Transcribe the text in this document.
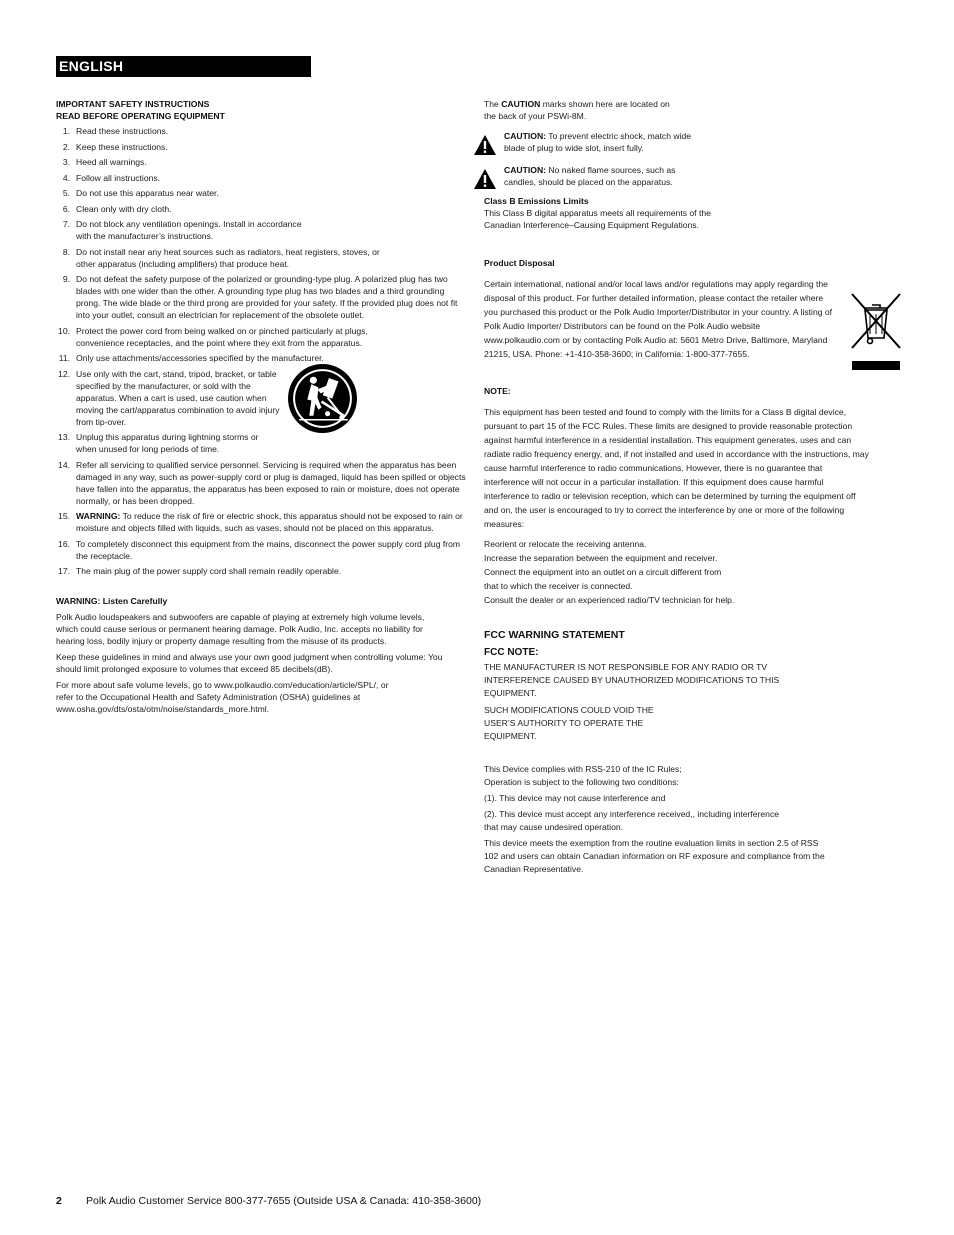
ENGLISH
IMPORTANT SAFETY INSTRUCTIONS
READ BEFORE OPERATING EQUIPMENT
1. Read these instructions.
2. Keep these instructions.
3. Heed all warnings.
4. Follow all instructions.
5. Do not use this apparatus near water.
6. Clean only with dry cloth.
7. Do not block any ventilation openings. Install in accordance with the manufacturer’s instructions.
8. Do not install near any heat sources such as radiators, heat registers, stoves, or other apparatus (including amplifiers) that produce heat.
9. Do not defeat the safety purpose of the polarized or grounding-type plug. A polarized plug has two blades with one wider than the other. A grounding type plug has two blades and a third grounding prong. The wide blade or the third prong are provided for your safety. If the provided plug does not fit into your outlet, consult an electrician for replacement of the obsolete outlet.
10. Protect the power cord from being walked on or pinched particularly at plugs, convenience receptacles, and the point where they exit from the apparatus.
11. Only use attachments/accessories specified by the manufacturer.
12. Use only with the cart, stand, tripod, bracket, or table specified by the manufacturer, or sold with the apparatus. When a cart is used, use caution when moving the cart/apparatus combination to avoid injury from tip-over.
13. Unplug this apparatus during lightning storms or when unused for long periods of time.
14. Refer all servicing to qualified service personnel. Servicing is required when the apparatus has been damaged in any way, such as power-supply cord or plug is damaged, liquid has been spilled or objects have fallen into the apparatus, the apparatus has been exposed to rain or moisture, does not operate normally, or has been dropped.
15. WARNING: To reduce the risk of fire or electric shock, this apparatus should not be exposed to rain or moisture and objects filled with liquids, such as vases, should not be placed on this apparatus.
16. To completely disconnect this equipment from the mains, disconnect the power supply cord plug from the receptacle.
17. The main plug of the power supply cord shall remain readily operable.
WARNING: Listen Carefully

Polk Audio loudspeakers and subwoofers are capable of playing at extremely high volume levels, which could cause serious or permanent hearing damage. Polk Audio, Inc. accepts no liability for hearing loss, bodily injury or property damage resulting from the misuse of its products.

Keep these guidelines in mind and always use your own good judgment when controlling volume: You should limit prolonged exposure to volumes that exceed 85 decibels(dB).

For more about safe volume levels, go to www.polkaudio.com/education/article/SPL/, or refer to the Occupational Health and Safety Administration (OSHA) guidelines at www.osha.gov/dts/osta/otm/noise/standards_more.html.

The CAUTION marks shown here are located on the back of your PSWi-8M.

CAUTION: To prevent electric shock, match wide blade of plug to wide slot, insert fully.
CAUTION: No naked flame sources, such as candles, should be placed on the apparatus.
Class B Emissions Limits

This Class B digital apparatus meets all requirements of the Canadian Interference–Causing Equipment Regulations.

Product Disposal

Certain international, national and/or local laws and/or regulations may apply regarding the disposal of this product. For further detailed information, please contact the retailer where you purchased this product or the Polk Audio Importer/Distributor in your country. A listing of Polk Audio Importer/ Distributors can be found on the Polk Audio website www.polkaudio.com or by contacting Polk Audio at: 5601 Metro Drive, Baltimore, Maryland 21215, USA. Phone: +1-410-358-3600; in California: 1-800-377-7655.

NOTE:

This equipment has been tested and found to comply with the limits for a Class B digital device, pursuant to part 15 of the FCC Rules. These limits are designed to provide reasonable protection against harmful interference in a residential installation. This equipment generates, uses and can radiate radio frequency energy, and, if not installed and used in accordance with the instructions, may cause harmful interference to radio communications. However, there is no guarantee that interference will not occur in a particular installation. If this equipment does cause harmful interference to radio or television reception, which can be determined by turning the equipment off and on, the user is encouraged to try to correct the interference by one or more of the following measures:

Reorient or relocate the receiving antenna.

Increase the separation between the equipment and receiver.

Connect the equipment into an outlet on a circuit different from that to which the receiver is connected.

Consult the dealer or an experienced radio/TV technician for help.

FCC WARNING STATEMENT
FCC NOTE:

THE MANUFACTURER IS NOT RESPONSIBLE FOR ANY RADIO OR TV INTERFERENCE CAUSED BY UNAUTHORIZED MODIFICATIONS TO THIS EQUIPMENT.

SUCH MODIFICATIONS COULD VOID THE USER’S AUTHORITY TO OPERATE THE EQUIPMENT.

This Device complies with RSS-210 of the IC Rules; Operation is subject to the following two conditions:

(1). This device may not cause interference and

(2). This device must accept any interference received,, including interference that may cause undesired operation.

This device meets the exemption from the routine evaluation limits in section 2.5 of RSS 102 and users can obtain Canadian information on RF exposure and compliance from the Canadian Representative.

2 Polk Audio Customer Service 800-377-7655 (Outside USA & Canada: 410-358-3600)
